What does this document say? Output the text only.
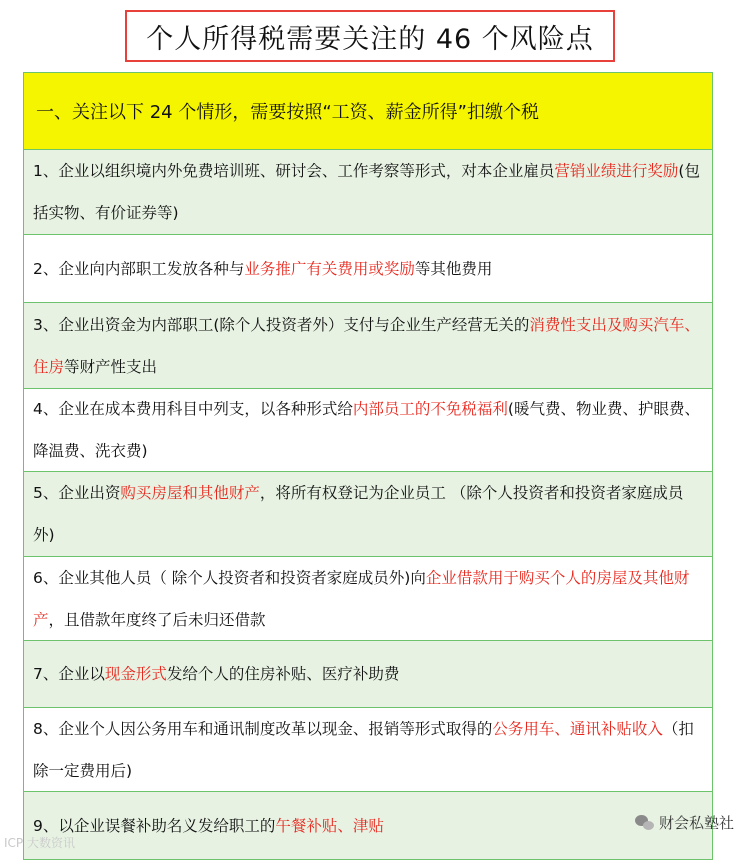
个人所得税需要关注的 46 个风险点
一、关注以下 24 个情形，需要按照“工资、薪金所得”扣缴个税
1、企业以组织境内外免费培训班、研讨会、工作考察等形式，对本企业雇员营销业绩进行奖励(包括实物、有价证券等)
2、企业向内部职工发放各种与业务推广有关费用或奖励等其他费用
3、企业出资金为内部职工(除个人投资者外）支付与企业生产经营无关的消费性支出及购买汽车、住房等财产性支出
4、企业在成本费用科目中列支，以各种形式给内部员工的不免税福利(暖气费、物业费、护眼费、降温费、洗衣费)
5、企业出资购买房屋和其他财产，将所有权登记为企业员工 （除个人投资者和投资者家庭成员外)
6、企业其他人员（ 除个人投资者和投资者家庭成员外)向企业借款用于购买个人的房屋及其他财产，且借款年度终了后未归还借款
7、企业以现金形式发给个人的住房补贴、医疗补助费
8、企业个人因公务用车和通讯制度改革以现金、报销等形式取得的公务用车、通讯补贴收入（扣除一定费用后)
9、以企业误餐补助名义发给职工的午餐补贴、津贴
ICP 大数资讯
财会私塾社
